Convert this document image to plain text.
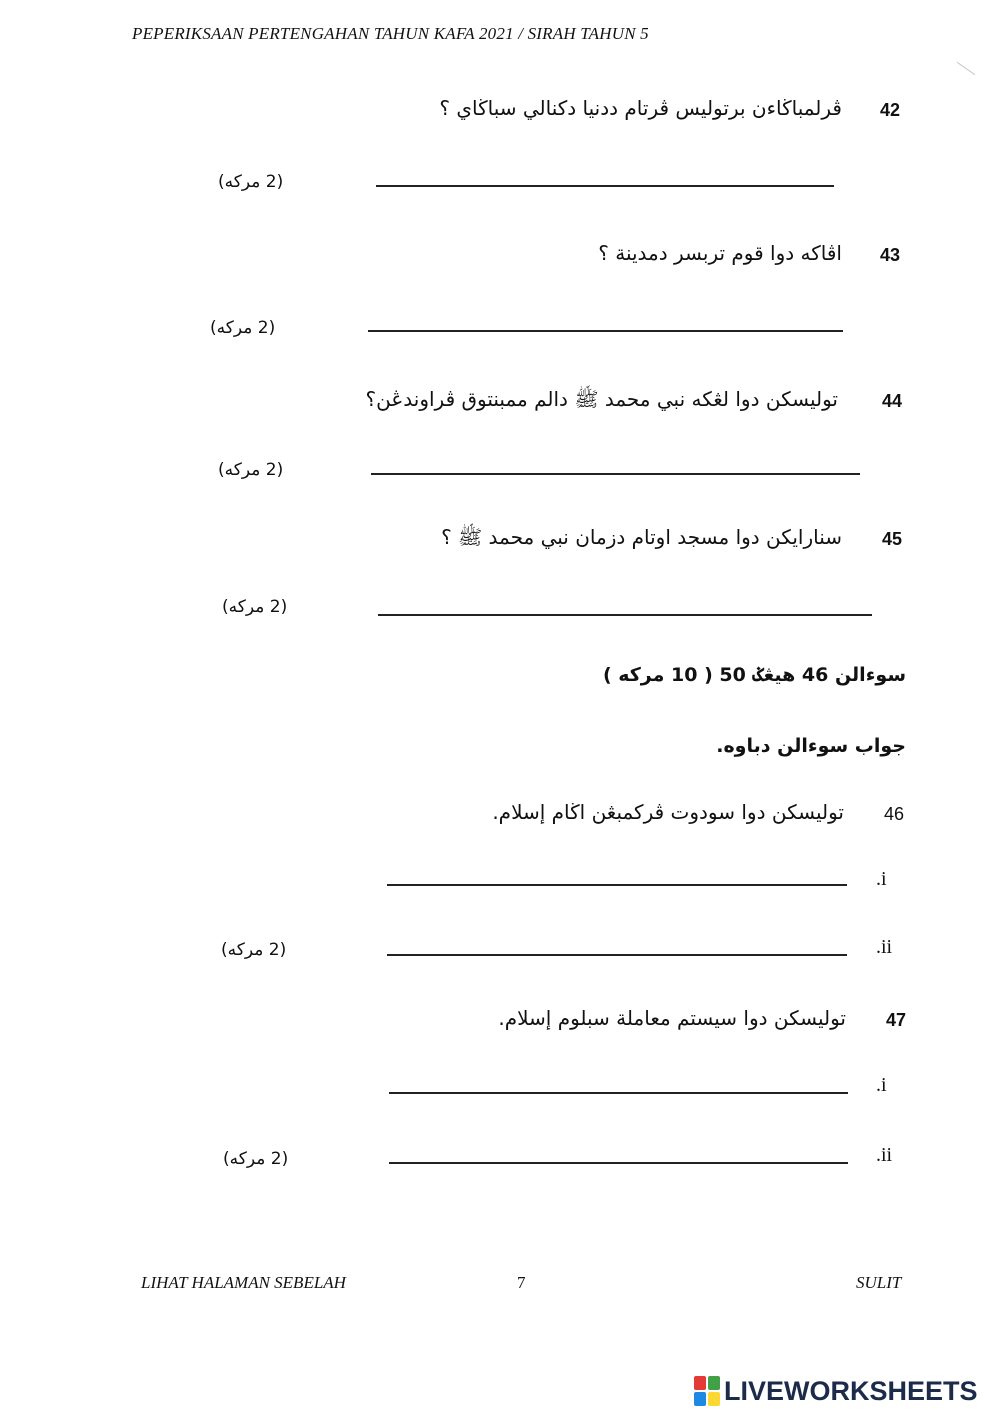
PEPERIKSAAN PERTENGAHAN TAHUN KAFA 2021 / SIRAH TAHUN 5
42
ڤرلمباڬاءن برتوليس ڤرتام ددنيا دكنالي سباڬاي ؟
(2 مركه)
43
اڤاكه دوا قوم تربسر دمدينة ؟
(2 مركه)
44
توليسكن دوا لڠكه نبي محمد ﷺ دالم ممبنتوق ڤراوندڠن؟
(2 مركه)
45
سنارايكن دوا مسجد اوتام دزمان نبي محمد ﷺ ؟
(2 مركه)
سوءالن 46 هيڠݢ 50 ( 10 مركه )
جواب سوءالن دباوه.
46
توليسكن دوا سودوت ڤركمبڠن اڬام إسلام.
.i
.ii
(2 مركه)
47
توليسكن دوا سيستم معاملة سبلوم إسلام.
.i
.ii
(2 مركه)
LIHAT HALAMAN SEBELAH	7	SULIT
LIVEWORKSHEETS
